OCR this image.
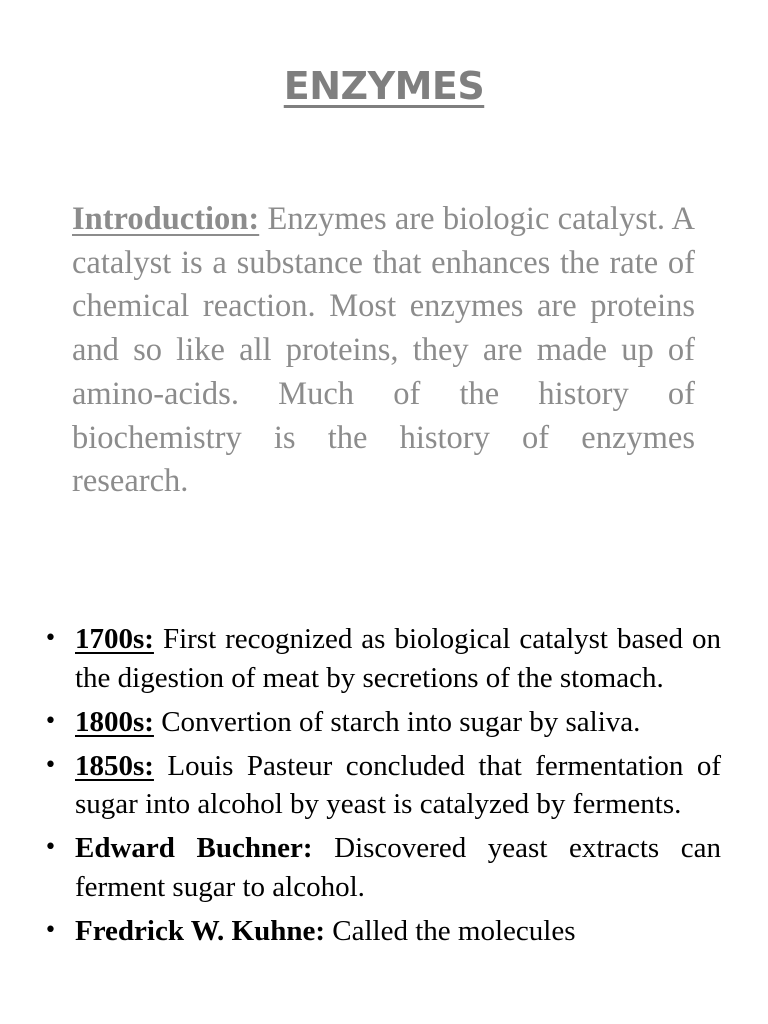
ENZYMES

Introduction: Enzymes are biologic catalyst. A catalyst is a substance that enhances the rate of chemical reaction. Most enzymes are proteins and so like all proteins, they are made up of amino-acids. Much of the history of biochemistry is the history of enzymes research.

• 1700s: First recognized as biological catalyst based on the digestion of meat by secretions of the stomach.
• 1800s: Convertion of starch into sugar by saliva.
• 1850s: Louis Pasteur concluded that fermentation of sugar into alcohol by yeast is catalyzed by ferments.
• Edward Buchner: Discovered yeast extracts can ferment sugar to alcohol.
• Fredrick W. Kuhne: Called the molecules
